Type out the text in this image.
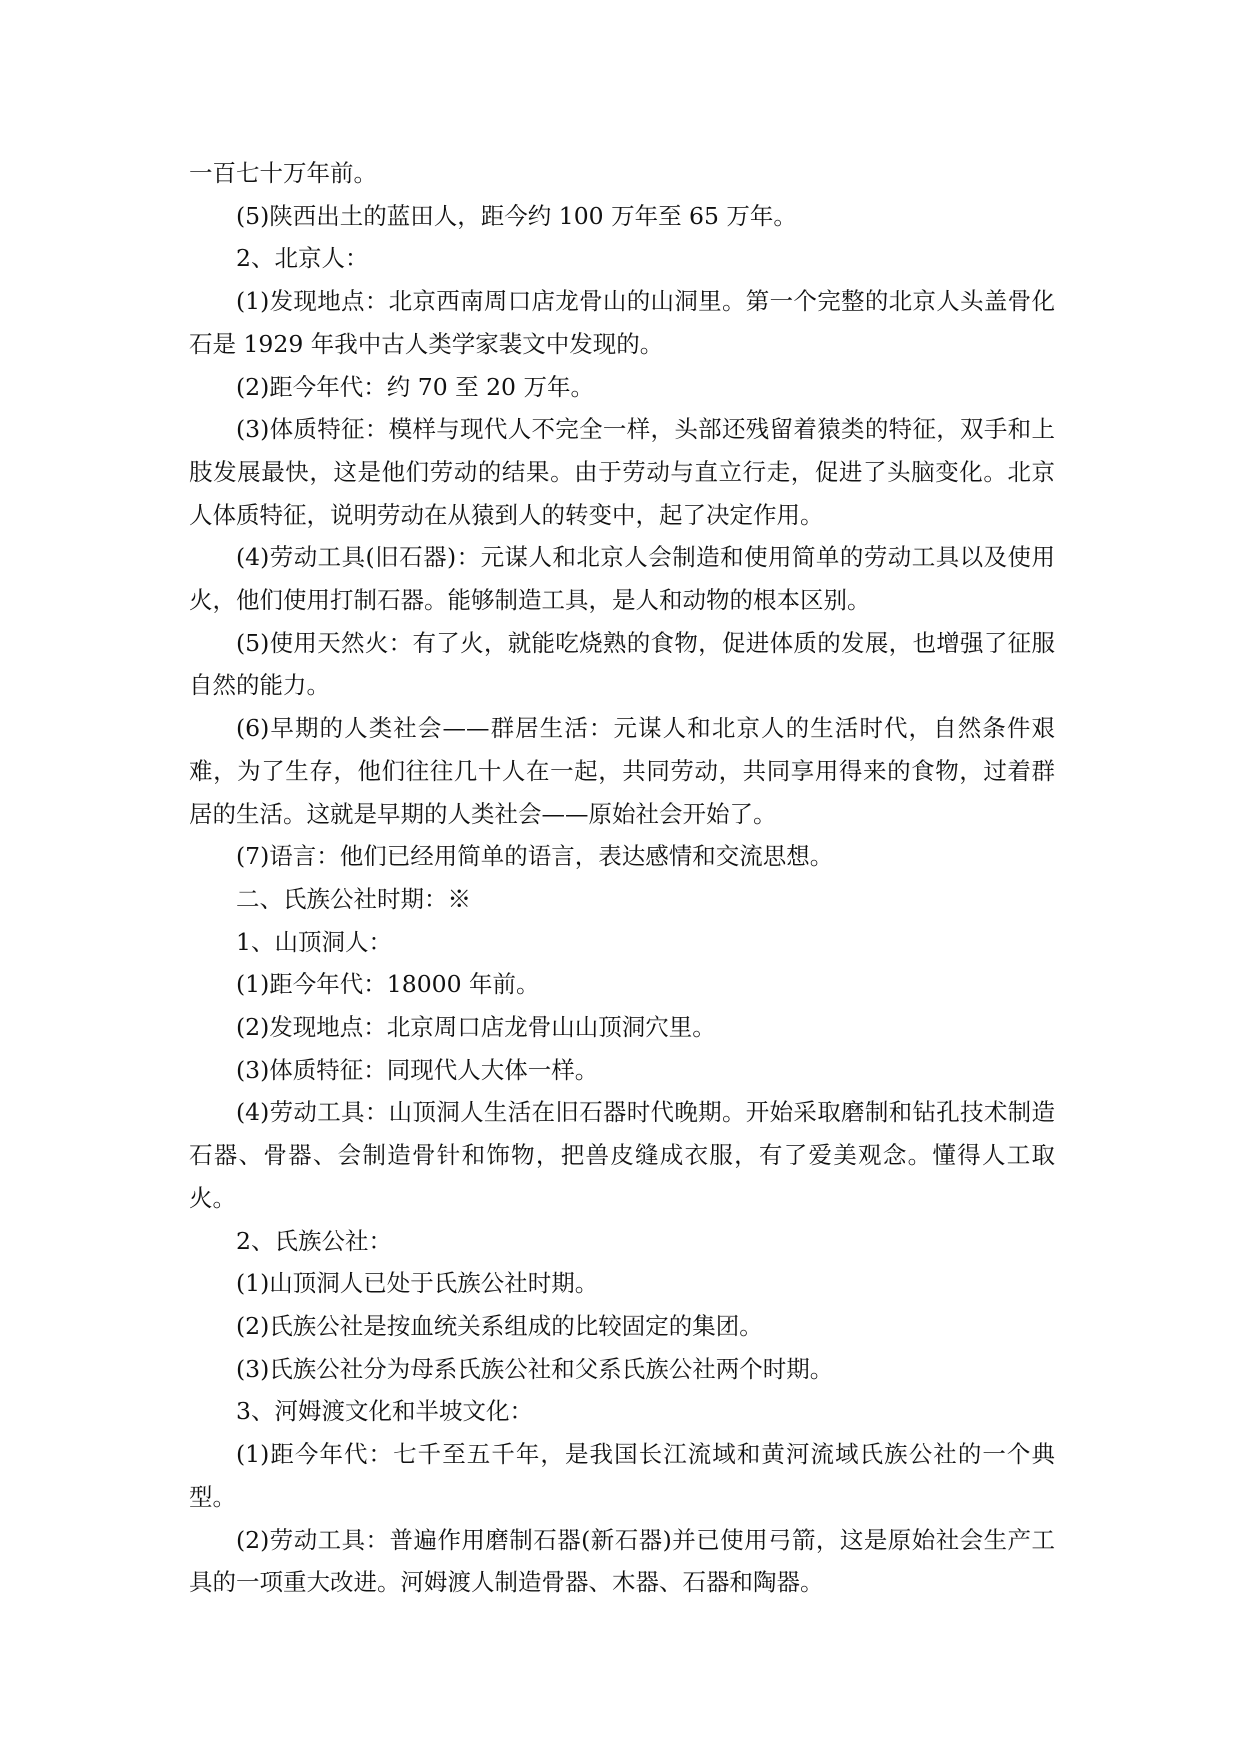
一百七十万年前。

(5)陕西出土的蓝田人，距今约 100 万年至 65 万年。

2、北京人：

(1)发现地点：北京西南周口店龙骨山的山洞里。第一个完整的北京人头盖骨化石是 1929 年我中古人类学家裴文中发现的。

(2)距今年代：约 70 至 20 万年。

(3)体质特征：模样与现代人不完全一样，头部还残留着猿类的特征，双手和上肢发展最快，这是他们劳动的结果。由于劳动与直立行走，促进了头脑变化。北京人体质特征，说明劳动在从猿到人的转变中，起了决定作用。

(4)劳动工具(旧石器)：元谋人和北京人会制造和使用简单的劳动工具以及使用火，他们使用打制石器。能够制造工具，是人和动物的根本区别。

(5)使用天然火：有了火，就能吃烧熟的食物，促进体质的发展，也增强了征服自然的能力。

(6)早期的人类社会——群居生活：元谋人和北京人的生活时代，自然条件艰难，为了生存，他们往往几十人在一起，共同劳动，共同享用得来的食物，过着群居的生活。这就是早期的人类社会——原始社会开始了。

(7)语言：他们已经用简单的语言，表达感情和交流思想。

二、氏族公社时期：※

1、山顶洞人：

(1)距今年代：18000 年前。

(2)发现地点：北京周口店龙骨山山顶洞穴里。

(3)体质特征：同现代人大体一样。

(4)劳动工具：山顶洞人生活在旧石器时代晚期。开始采取磨制和钻孔技术制造石器、骨器、会制造骨针和饰物，把兽皮缝成衣服，有了爱美观念。懂得人工取火。

2、氏族公社：

(1)山顶洞人已处于氏族公社时期。

(2)氏族公社是按血统关系组成的比较固定的集团。

(3)氏族公社分为母系氏族公社和父系氏族公社两个时期。

3、河姆渡文化和半坡文化：

(1)距今年代：七千至五千年，是我国长江流域和黄河流域氏族公社的一个典型。

(2)劳动工具：普遍作用磨制石器(新石器)并已使用弓箭，这是原始社会生产工具的一项重大改进。河姆渡人制造骨器、木器、石器和陶器。
